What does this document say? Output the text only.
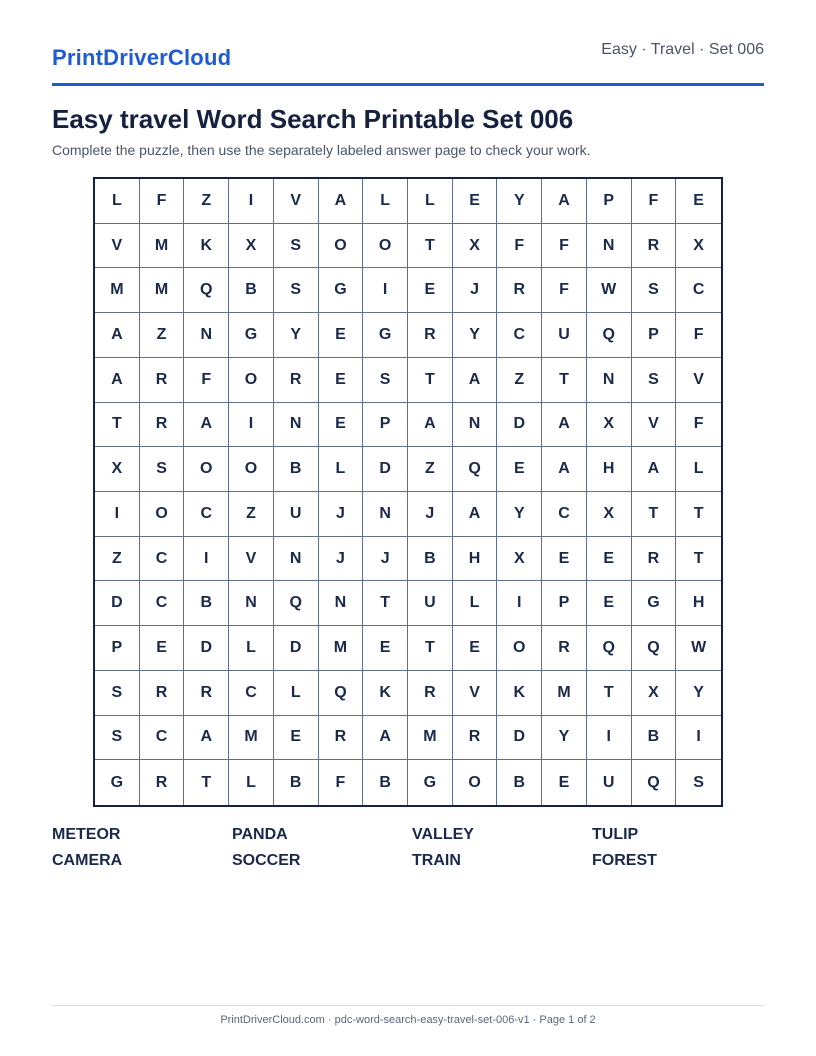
PrintDriverCloud	Easy · Travel · Set 006
Easy travel Word Search Printable Set 006
Complete the puzzle, then use the separately labeled answer page to check your work.
L	F	Z	I	V	A	L	L	E	Y	A	P	F	E
V	M	K	X	S	O	O	T	X	F	F	N	R	X
M	M	Q	B	S	G	I	E	J	R	F	W	S	C
A	Z	N	G	Y	E	G	R	Y	C	U	Q	P	F
A	R	F	O	R	E	S	T	A	Z	T	N	S	V
T	R	A	I	N	E	P	A	N	D	A	X	V	F
X	S	O	O	B	L	D	Z	Q	E	A	H	A	L
I	O	C	Z	U	J	N	J	A	Y	C	X	T	T
Z	C	I	V	N	J	J	B	H	X	E	E	R	T
D	C	B	N	Q	N	T	U	L	I	P	E	G	H
P	E	D	L	D	M	E	T	E	O	R	Q	Q	W
S	R	R	C	L	Q	K	R	V	K	M	T	X	Y
S	C	A	M	E	R	A	M	R	D	Y	I	B	I
G	R	T	L	B	F	B	G	O	B	E	U	Q	S
METEOR	PANDA	VALLEY	TULIP
CAMERA	SOCCER	TRAIN	FOREST
PrintDriverCloud.com · pdc-word-search-easy-travel-set-006-v1 · Page 1 of 2
